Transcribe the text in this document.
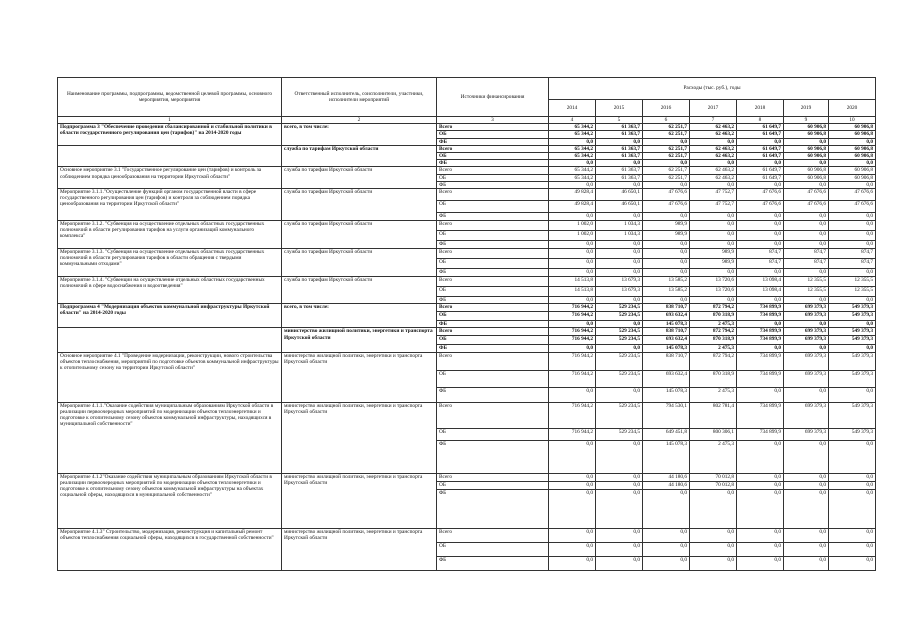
Наименование программы, подпрограммы, ведомственной целевой программы, основного мероприятия, мероприятия	Ответственный исполнитель, соисполнители, участники, исполнители мероприятий	Источники финансирования	Расходы (тыс. руб.), годы						
			2014	2015	2016	2017	2018	2019	2020
1	2	3	4	5	6	7	8	9	10
Подпрограмма 3 "Обеспечение проведения сбалансированной и стабильной политики в области государственного регулирования цен (тарифов)" на 2014-2020 годы	всего, в том числе:	Всего	65 344,2	61 363,7	62 251,7	62 463,2	61 649,7	60 906,8	60 906,8
		ОБ	65 344,2	61 363,7	62 251,7	62 463,2	61 649,7	60 906,8	60 906,8
		ФБ	0,0	0,0	0,0	0,0	0,0	0,0	0,0
	служба по тарифам Иркутской области	Всего	65 344,2	61 363,7	62 251,7	62 463,2	61 649,7	60 906,8	60 906,8
		ОБ	65 344,2	61 363,7	62 251,7	62 463,2	61 649,7	60 906,8	60 906,8
		ФБ	0,0	0,0	0,0	0,0	0,0	0,0	0,0
Основное мероприятие 3.1 "Государственное регулирование цен (тарифов) и контроль за соблюдением порядка ценообразования на территории Иркутской области"	служба по тарифам Иркутской области	Всего	65 344,2	61 363,7	62 251,7	62 463,2	61 649,7	60 906,8	60 906,8
		ОБ	65 344,2	61 363,7	62 251,7	62 463,2	61 649,7	60 906,8	60 906,8
		ФБ	0,0	0,0	0,0	0,0	0,0	0,0	0,0
Мероприятие 3.1.1."Осуществление функций органом государственной власти в сфере государственного регулирования цен (тарифов) и контроля за соблюдением порядка ценообразования на территории Иркутской области"	служба по тарифам Иркутской области	Всего	49 828,4	46 650,1	47 676,6	47 752,7	47 676,6	47 676,6	47 676,6
		ОБ	49 828,4	46 650,1	47 676,6	47 752,7	47 676,6	47 676,6	47 676,6
		ФБ	0,0	0,0	0,0	0,0	0,0	0,0	0,0
Мероприятие 3.1.2. "Субвенция на осуществление отдельных областных государственных полномочий в области регулирования тарифов на услуги организаций коммунального комплекса"	служба по тарифам Иркутской области	Всего	1 002,0	1 034,3	989,9	0,0	0,0	0,0	0,0
		ОБ	1 002,0	1 034,3	989,9	0,0	0,0	0,0	0,0
		ФБ	0,0	0,0	0,0	0,0	0,0	0,0	0,0
Мероприятие 3.1.3. "Субвенция на осуществление отдельных областных государственных полномочий в области регулирования тарифов в области обращения с твердыми коммунальными отходами"	служба по тарифам Иркутской области	Всего	0,0	0,0	0,0	989,9	874,7	874,7	874,7
		ОБ	0,0	0,0	0,0	989,9	874,7	874,7	874,7
		ФБ	0,0	0,0	0,0	0,0	0,0	0,0	0,0
Мероприятие 3.1.4. "Субвенции на осуществление отдельных областных государственных полномочий в сфере водоснабжения и водоотведения"	служба по тарифам Иркутской области	Всего	14 513,8	13 679,3	13 585,2	13 720,6	13 098,4	12 355,5	12 355,5
		ОБ	14 513,8	13 679,3	13 585,2	13 720,6	13 098,4	12 355,5	12 355,5
		ФБ	0,0	0,0	0,0	0,0	0,0	0,0	0,0
Подпрограмма 4 "Модернизация объектов коммунальной инфраструктуры Иркутской области" на 2014-2020 годы	всего, в том числе:	Всего	716 944,2	529 234,5	838 710,7	872 794,2	734 899,9	699 379,3	549 379,3
		ОБ	716 944,2	529 234,5	693 632,4	870 318,9	734 899,9	699 379,3	549 379,3
		ФБ	0,0	0,0	145 078,3	2 475,3	0,0	0,0	0,0
	министерство жилищной политики, энергетики и транспорта Иркутской области	Всего	716 944,2	529 234,5	838 710,7	872 794,2	734 899,9	699 379,3	549 379,3
		ОБ	716 944,2	529 234,5	693 632,4	870 318,9	734 899,9	699 379,3	549 379,3
		ФБ	0,0	0,0	145 078,3	2 475,3	0,0	0,0	0,0
Основное мероприятие 4.1 "Проведение модернизации, реконструкции, нового строительства объектов теплоснабжения, мероприятий по подготовке объектов коммунальной инфраструктуры к отопительному сезону на территории Иркутской области"	министерство жилищной политики, энергетики и транспорта Иркутской области	Всего	716 944,2	529 234,5	838 710,7	872 794,2	734 899,9	699 379,3	549 379,3
		ОБ	716 944,2	529 234,5	693 632,4	870 318,9	734 899,9	699 379,3	549 379,3
		ФБ	0,0	0,0	145 078,3	2 475,3	0,0	0,0	0,0
Мероприятие 4.1.1."Оказание содействия муниципальным образованиям Иркутской области в реализации первоочередных мероприятий по модернизации объектов теплоэнергетики и подготовке к отопительному сезону объектов коммунальной инфраструктуры, находящихся в муниципальной собственности"	министерство жилищной политики, энергетики и транспорта Иркутской области	Всего	716 944,2	529 234,5	794 530,1	802 781,4	734 899,9	699 379,3	549 379,3
		ОБ	716 944,2	529 234,5	649 451,8	800 306,1	734 899,9	699 379,3	549 379,3
		ФБ	0,0	0,0	145 078,3	2 475,3	0,0	0,0	0,0
Мероприятие 4.1.2"Оказание содействия муниципальным образованиям Иркутской области в реализации первоочередных мероприятий по модернизации объектов теплоэнергетики и подготовке к отопительному сезону объектов коммунальной инфраструктуры на объектах социальной сферы, находящихся в муниципальной собственности"	министерство жилищной политики, энергетики и транспорта Иркутской области	Всего	0,0	0,0	44 180,6	70 012,8	0,0	0,0	0,0
		ОБ	0,0	0,0	44 180,6	70 012,8	0,0	0,0	0,0
		ФБ	0,0	0,0	0,0	0,0	0,0	0,0	0,0
Мероприятие 4.1.3" Строительство, модернизация, реконструкция и капитальный ремонт объектов теплоснабжения социальной сферы, находящихся в государственной собственности"	министерство жилищной политики, энергетики и транспорта Иркутской области	Всего	0,0	0,0	0,0	0,0	0,0	0,0	0,0
		ОБ	0,0	0,0	0,0	0,0	0,0	0,0	0,0
		ФБ	0,0	0,0	0,0	0,0	0,0	0,0	0,0
